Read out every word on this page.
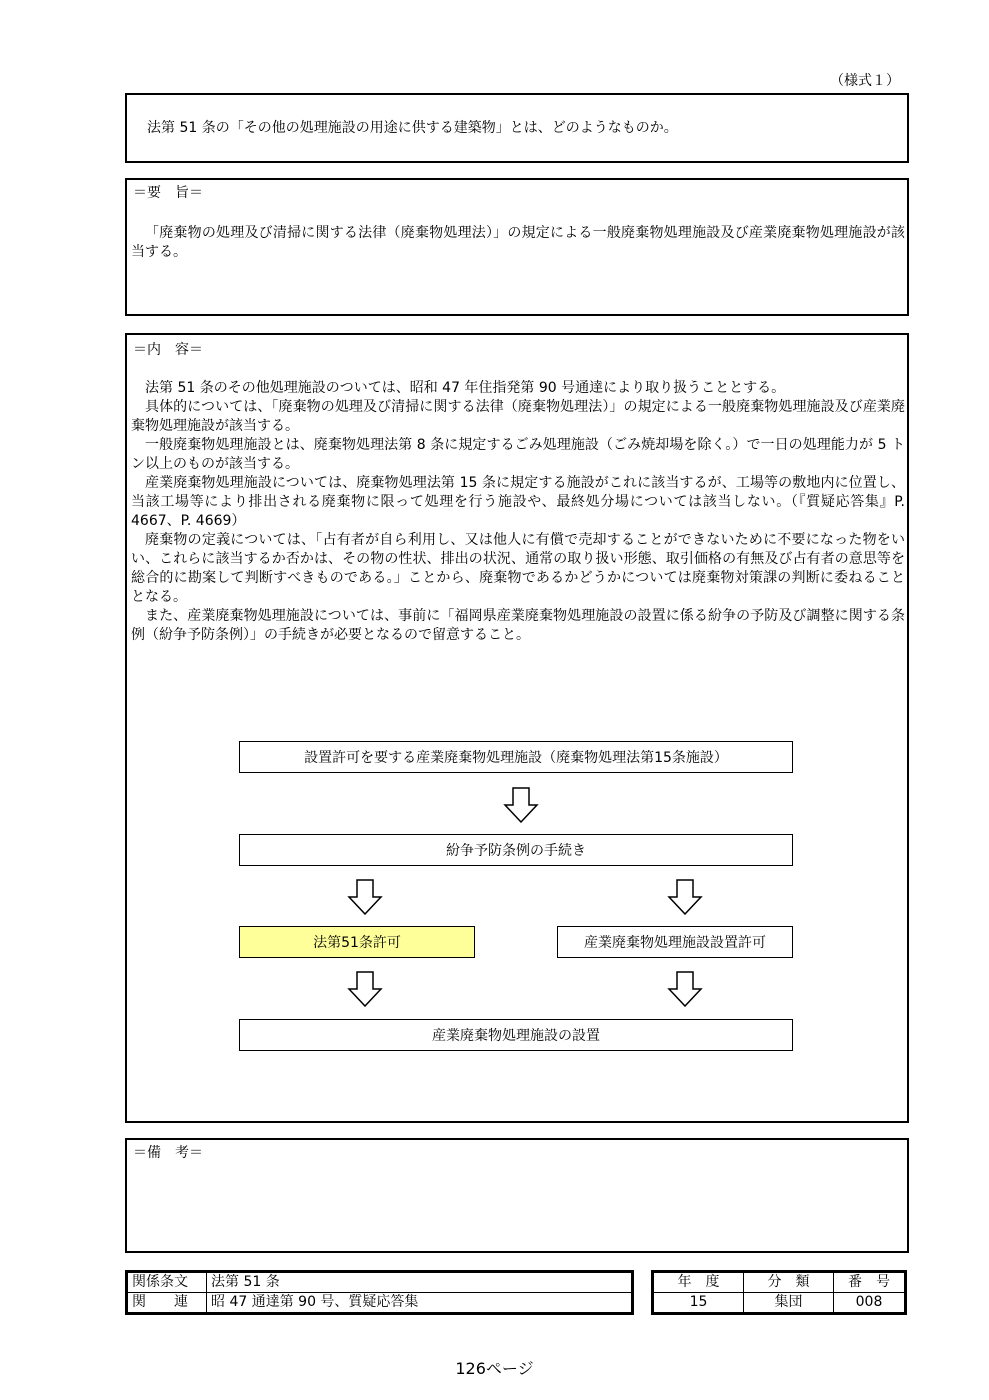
（様式１）
法第 51 条の「その他の処理施設の用途に供する建築物」とは、どのようなものか。
＝要　旨＝

「廃棄物の処理及び清掃に関する法律（廃棄物処理法）」の規定による一般廃棄物処理施設及び産業廃棄物処理施設が該当する。

＝内　容＝

法第 51 条のその他処理施設のついては、昭和 47 年住指発第 90 号通達により取り扱うこととする。

具体的については、「廃棄物の処理及び清掃に関する法律（廃棄物処理法）」の規定による一般廃棄物処理施設及び産業廃棄物処理施設が該当する。

一般廃棄物処理施設とは、廃棄物処理法第 8 条に規定するごみ処理施設（ごみ焼却場を除く。）で一日の処理能力が 5 トン以上のものが該当する。

産業廃棄物処理施設については、廃棄物処理法第 15 条に規定する施設がこれに該当するが、工場等の敷地内に位置し、当該工場等により排出される廃棄物に限って処理を行う施設や、最終処分場については該当しない。（『質疑応答集』P. 4667、P. 4669）

廃棄物の定義については、「占有者が自ら利用し、又は他人に有償で売却することができないために不要になった物をいい、これらに該当するか否かは、その物の性状、排出の状況、通常の取り扱い形態、取引価格の有無及び占有者の意思等を総合的に勘案して判断すべきものである。」ことから、廃棄物であるかどうかについては廃棄物対策課の判断に委ねることとなる。

また、産業廃棄物処理施設については、事前に「福岡県産業廃棄物処理施設の設置に係る紛争の予防及び調整に関する条例（紛争予防条例）」の手続きが必要となるので留意すること。

設置許可を要する産業廃棄物処理施設（廃棄物処理法第15条施設）
紛争予防条例の手続き
法第51条許可	産業廃棄物処理施設設置許可
産業廃棄物処理施設の設置
＝備　考＝
関係条文	法第 51 条
関　　連	昭 47 通達第 90 号、質疑応答集
年　度	分　類	番　号
15	集団	008
126ページ
